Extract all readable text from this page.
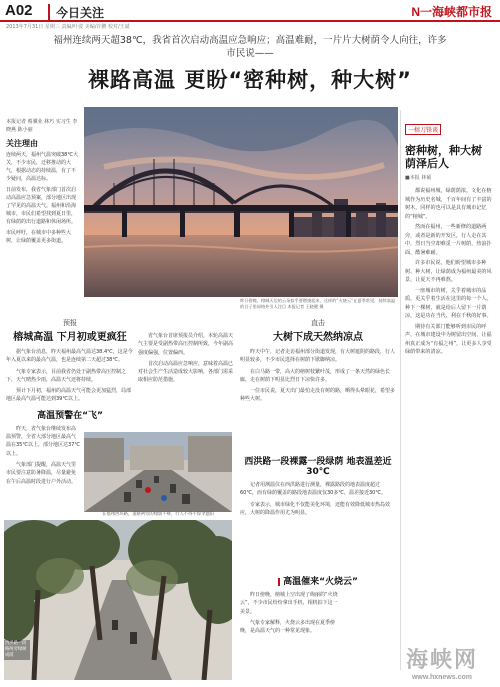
A02	今日关注	N一海峡都市报
2013年7月31日 星期三 责编/叶姿 美编/许鹏 校对/王斌
福州连续两天超38℃，我省首次启动高温应急响应；高温难耐，一片片大树荫令人向往，许多市民说——
裸路高温 更盼“密种树，种大树”
本报记者 蔡骥业 林巧 实习生 李晓燕 陈小丽
关注理由
连续两天，福州气温突破38℃大关，不少市民，迁移推动的大气，根据动态的持续温，有了不少疑问，高温达标。
日前发布，我省气象部门首次启动高温应急预案，部分地区出现了罕见的高温天气。福州和沿海城市，市民们希望找到夏日里，有绿荫的出行道路和休闲场所。
市民呼吁，在城市中多种些大树，让绿荫覆盖更多街道。
昨日傍晚，榕城天边的云朵似乎要燃烧起来，这样的“火烧云”在夏季常见，持续高温的日子里却格外引人注目 本报记者 王晓健 摄
一榕刀锋谈
密种树，种大树 荫泽后人
■本报 林硕

都说福州城，绿荫荫浓。文化在榕城作为历史名城，千百年间有了丰富的树木，同样的也可以是具有城市记忆的“榕城”。

然而在福州，一些新修的道路两旁，或者是新的开发区，行人走在其中，烈日当空却难觅一片树荫，热浪扑面，酷暑难耐。

许多市民说，他们盼望城市多种树、种大树，让绿荫成为福州最美的风景，让夏天不再难熬。

一座城市的树，关乎着城市的品质，更关乎着生活在这里的每一个人。种下一棵树，就是给后人留下一片荫凉，这是功在当代、利在千秋的好事。

期待有关部门能够听到市民的呼声，在城市建设中为树留出空间，让福州真正成为“有福之州”，让更多人享受绿荫带来的清凉。

预报
榕城高温 下月初或更疯狂

据气象台消息，昨天福州最高气温达38.4℃，这是今年入夏以来的最高气温，也是连续第二天超过38℃。

气象专家表示，目前我省仍处于副热带高压控制之下，天气晴热少雨，高温天气还将持续。

预计下月初，福州的高温天气可能会更加猛烈，局部地区最高气温可能达到39℃以上。

高温预警在“飞”

昨天，省气象台继续发布高温预警，全省大部分地区最高气温在35℃以上，部分地区达37℃以上。

气象部门提醒，高温天气里市民要注意防暑降温，尽量避免在午后高温时段进行户外活动。

省气象台首席预报员介绍，本轮高温天气主要是受副热带高压控制所致，今年副高强度偏强，位置偏西。

首次启动高温应急响应，意味着高温已对社会生产生活造成较大影响，各部门需采取相应防范措施。

在福州西环路，道路两旁的绿荫不够，行人不得不撑伞遮阳
西洪路一段路两旁绿树成荫
直击
大树下成天然纳凉点

昨天中午，记者走访福州部分街道发现，有大树遮阴的路段，行人明显较多，不少市民选择在树荫下歇脚纳凉。

在白马路一带，高大的榕树枝繁叶茂，形成了一条天然的绿色长廊，走在树荫下明显比烈日下凉快许多。

一位市民说，夏天出门最怕走没有树的路，晒得头晕眼花，希望多种些大树。

西洪路一段裸露一段绿荫 地表温差近30℃

记者用测温仪在西洪路进行测量，裸露路段的地表温度超过60℃，而有绿荫覆盖的路段地表温度仅30多℃，温差接近30℃。

专家表示，城市绿化不仅能美化环境，还能有效降低城市热岛效应，大树的降温作用尤为明显。

高温催来“火烧云”

昨日傍晚，榕城上空出现了绚丽的“火烧云”，不少市民纷纷拿出手机、相机拍下这一美景。

气象专家解释，火烧云多出现在夏季傍晚，是高温天气的一种常见现象。

海峡网
www.hxnews.com
